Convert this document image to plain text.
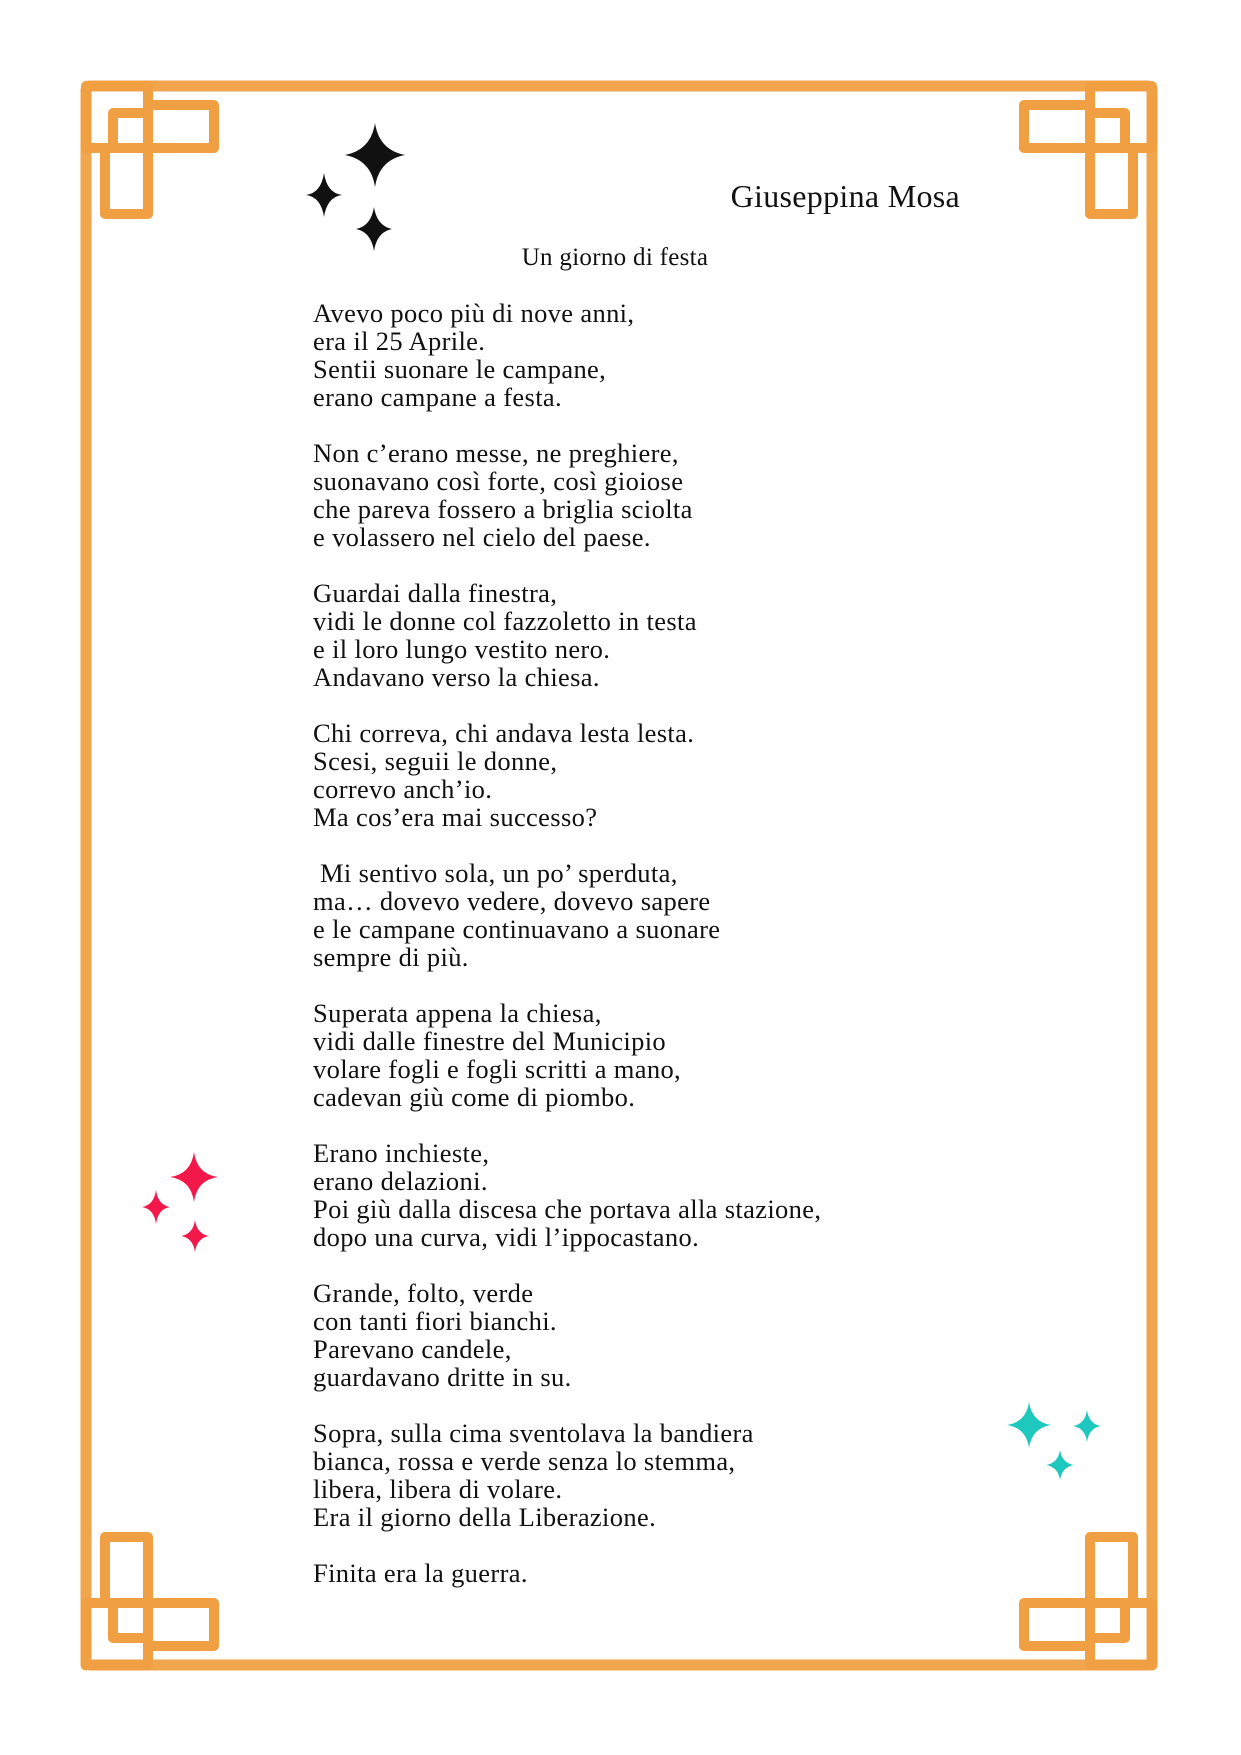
Giuseppina Mosa
Un giorno di festa
Avevo poco più di nove anni,
era il 25 Aprile.
Sentii suonare le campane,
erano campane a festa.
Non c’erano messe, ne preghiere,
suonavano così forte, così gioiose
che pareva fossero a briglia sciolta
e volassero nel cielo del paese.
Guardai dalla finestra,
vidi le donne col fazzoletto in testa
e il loro lungo vestito nero.
Andavano verso la chiesa.
Chi correva, chi andava lesta lesta.
Scesi, seguii le donne,
correvo anch’io.
Ma cos’era mai successo?
Mi sentivo sola, un po’ sperduta,
ma… dovevo vedere, dovevo sapere
e le campane continuavano a suonare
sempre di più.
Superata appena la chiesa,
vidi dalle finestre del Municipio
volare fogli e fogli scritti a mano,
cadevan giù come di piombo.
Erano inchieste,
erano delazioni.
Poi giù dalla discesa che portava alla stazione,
dopo una curva, vidi l’ippocastano.
Grande, folto, verde
con tanti fiori bianchi.
Parevano candele,
guardavano dritte in su.
Sopra, sulla cima sventolava la bandiera
bianca, rossa e verde senza lo stemma,
libera, libera di volare.
Era il giorno della Liberazione.
Finita era la guerra.
